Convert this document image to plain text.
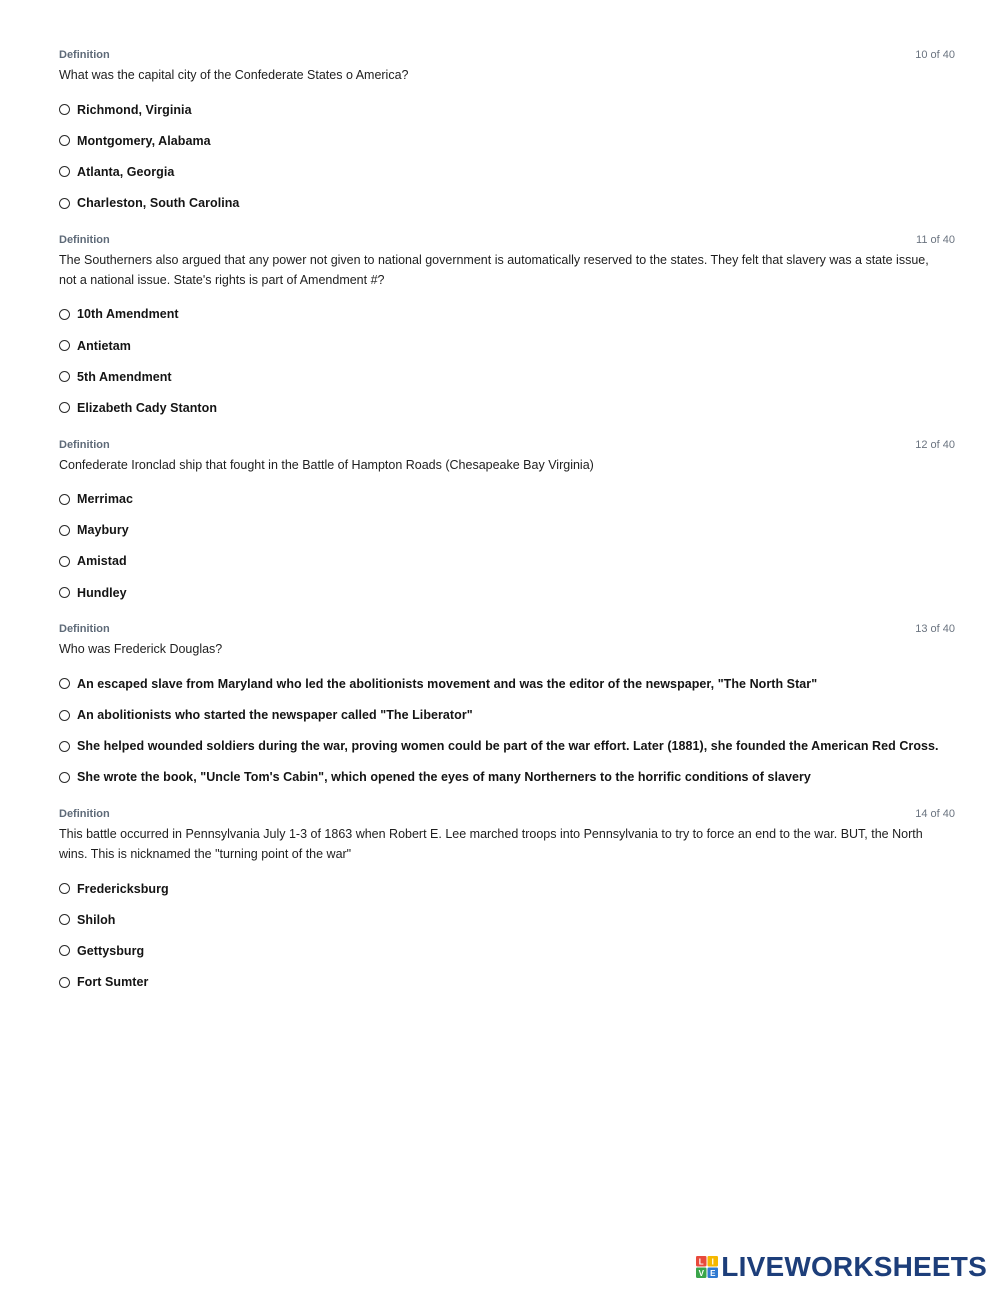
Definition	10 of 40
What was the capital city of the Confederate States o America?
Richmond, Virginia
Montgomery, Alabama
Atlanta, Georgia
Charleston, South Carolina
Definition	11 of 40
The Southerners also argued that any power not given to national government is automatically reserved to the states. They felt that slavery was a state issue, not a national issue. State's rights is part of Amendment #?
10th Amendment
Antietam
5th Amendment
Elizabeth Cady Stanton
Definition	12 of 40
Confederate Ironclad ship that fought in the Battle of Hampton Roads (Chesapeake Bay Virginia)
Merrimac
Maybury
Amistad
Hundley
Definition	13 of 40
Who was Frederick Douglas?
An escaped slave from Maryland who led the abolitionists movement and was the editor of the newspaper, "The North Star"
An abolitionists who started the newspaper called "The Liberator"
She helped wounded soldiers during the war, proving women could be part of the war effort. Later (1881), she founded the American Red Cross.
She wrote the book, "Uncle Tom's Cabin", which opened the eyes of many Northerners to the horrific conditions of slavery
Definition	14 of 40
This battle occurred in Pennsylvania July 1-3 of 1863 when Robert E. Lee marched troops into Pennsylvania to try to force an end to the war. BUT, the North wins. This is nicknamed the "turning point of the war"
Fredericksburg
Shiloh
Gettysburg
Fort Sumter
L I
V E LIVEWORKSHEETS
